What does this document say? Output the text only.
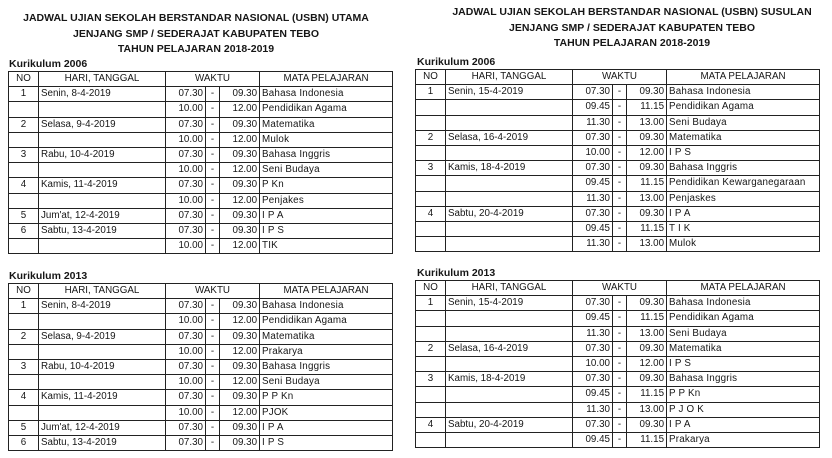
JADWAL UJIAN SEKOLAH BERSTANDAR NASIONAL (USBN) UTAMA
JENJANG SMP / SEDERAJAT KABUPATEN TEBO
TAHUN PELAJARAN 2018-2019
Kurikulum 2006
NO	HARI, TANGGAL	WAKTU			MATA PELAJARAN
1	Senin, 8-4-2019	07.30	-	09.30	Bahasa Indonesia
		10.00	-	12.00	Pendidikan Agama
2	Selasa, 9-4-2019	07.30	-	09.30	Matematika
		10.00	-	12.00	Mulok
3	Rabu, 10-4-2019	07.30	-	09.30	Bahasa Inggris
		10.00	-	12.00	Seni Budaya
4	Kamis, 11-4-2019	07.30	-	09.30	P Kn
		10.00	-	12.00	Penjakes
5	Jum'at, 12-4-2019	07.30	-	09.30	I P A
6	Sabtu, 13-4-2019	07.30	-	09.30	I P S
		10.00	-	12.00	TIK
Kurikulum 2013
NO	HARI, TANGGAL	WAKTU			MATA PELAJARAN
1	Senin, 8-4-2019	07.30	-	09.30	Bahasa Indonesia
		10.00	-	12.00	Pendidikan Agama
2	Selasa, 9-4-2019	07.30	-	09.30	Matematika
		10.00	-	12.00	Prakarya
3	Rabu, 10-4-2019	07.30	-	09.30	Bahasa Inggris
		10.00	-	12.00	Seni Budaya
4	Kamis, 11-4-2019	07.30	-	09.30	P P Kn
		10.00	-	12.00	PJOK
5	Jum'at, 12-4-2019	07.30	-	09.30	I P A
6	Sabtu, 13-4-2019	07.30	-	09.30	I P S
JADWAL UJIAN SEKOLAH BERSTANDAR NASIONAL (USBN) SUSULAN
JENJANG SMP / SEDERAJAT KABUPATEN TEBO
TAHUN PELAJARAN 2018-2019
Kurikulum 2006
NO	HARI, TANGGAL	WAKTU			MATA PELAJARAN
1	Senin, 15-4-2019	07.30	-	09.30	Bahasa Indonesia
		09.45	-	11.15	Pendidikan Agama
		11.30	-	13.00	Seni Budaya
2	Selasa, 16-4-2019	07.30	-	09.30	Matematika
		10.00	-	12.00	I P S
3	Kamis, 18-4-2019	07.30	-	09.30	Bahasa Inggris
		09.45	-	11.15	Pendidikan Kewarganegaraan
		11.30	-	13.00	Penjaskes
4	Sabtu, 20-4-2019	07.30	-	09.30	I P A
		09.45	-	11.15	T I K
		11.30	-	13.00	Mulok
Kurikulum 2013
NO	HARI, TANGGAL	WAKTU			MATA PELAJARAN
1	Senin, 15-4-2019	07.30	-	09.30	Bahasa Indonesia
		09.45	-	11.15	Pendidikan Agama
		11.30	-	13.00	Seni Budaya
2	Selasa, 16-4-2019	07.30	-	09.30	Matematika
		10.00	-	12.00	I P S
3	Kamis, 18-4-2019	07.30	-	09.30	Bahasa Inggris
		09.45	-	11.15	P P Kn
		11.30	-	13.00	P J O K
4	Sabtu, 20-4-2019	07.30	-	09.30	I P A
		09.45	-	11.15	Prakarya
